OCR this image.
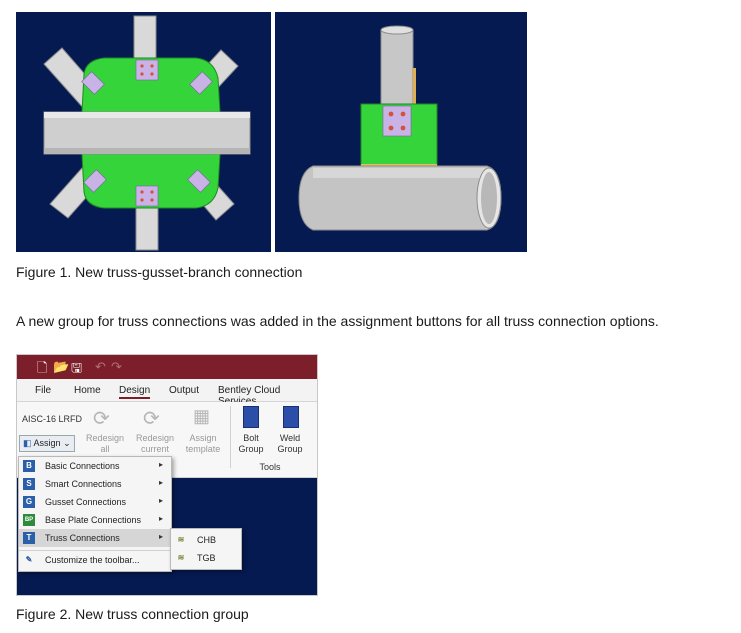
Figure 1. New truss-gusset-branch connection
A new group for truss connections was added in the assignment buttons for all truss connection options.
🗋 📂 🖫 ↶ ↷
File Home Design Output Bentley Cloud
AISC-16 LRFD
◧ Assign ⌄
⟳
Redesign all
⟳
Redesign current
▦
Assign template
Bolt Group
Weld Group
Tools
B	Basic Connections	▸
S	Smart Connections	▸
G	Gusset Connections	▸
BP Base Plate Connections ▸
T	Truss Connections	▸
✎ Customize the toolbar...
≋ CHB
≋ TGB
Figure 2. New truss connection group
